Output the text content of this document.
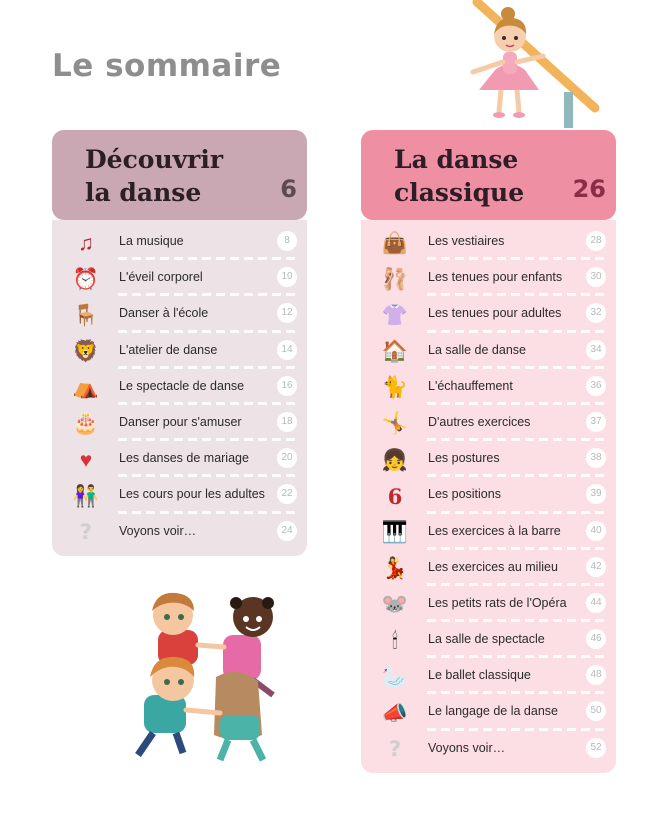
Le sommaire
Découvrir la danse	6
♫	La musique	8
⏰ L'éveil corporel	10
🪑 Danser à l'école	12
🦁 L'atelier de danse	14
⛺ Le spectacle de danse	16
🎂 Danser pour s'amuser	18
♥	Les danses de mariage	20
👫 Les cours pour les adultes	22
?	Voyons voir…	24
La danse classique	26
👜 Les vestiaires	28
🩰 Les tenues pour enfants	30
👚 Les tenues pour adultes	32
🏠 La salle de danse	34
🐈 L'échauffement	36
🤸 D'autres exercices	37
👧 Les postures	38
6	Les positions	39
🎹 Les exercices à la barre	40
💃 Les exercices au milieu	42
🐭 Les petits rats de l'Opéra	44
🕯	La salle de spectacle	46
🦢 Le ballet classique	48
📣 Le langage de la danse	50
?	Voyons voir…	52
